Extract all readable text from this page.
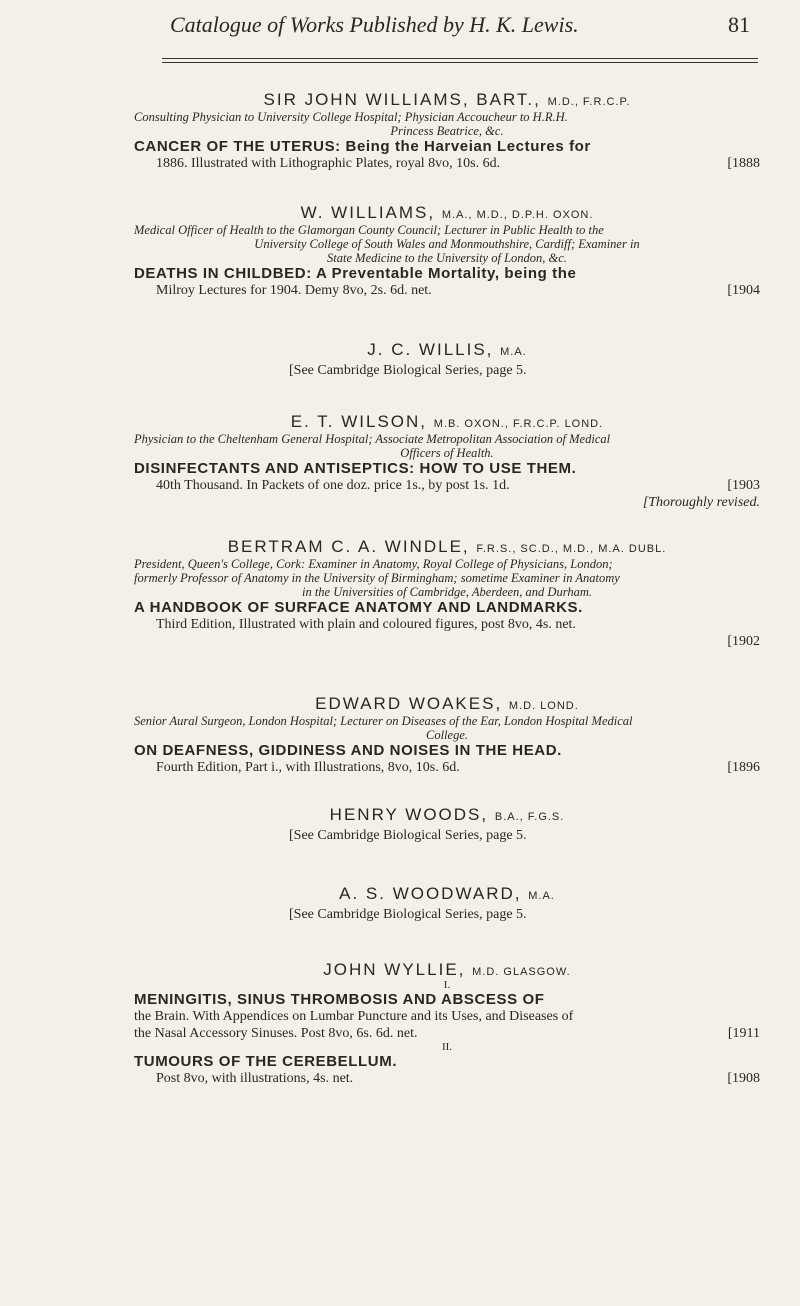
Catalogue of Works Published by H. K. Lewis.	81
SIR JOHN WILLIAMS, BART., M.D., F.R.C.P.
Consulting Physician to University College Hospital; Physician Accoucheur to H.R.H.
Princess Beatrice, &c.
CANCER OF THE UTERUS: Being the Harveian Lectures for
1886. Illustrated with Lithographic Plates, royal 8vo, 10s. 6d.	[1888
W. WILLIAMS, M.A., M.D., D.P.H. OXON.
Medical Officer of Health to the Glamorgan County Council; Lecturer in Public Health to the
University College of South Wales and Monmouthshire, Cardiff; Examiner in
State Medicine to the University of London, &c.
DEATHS IN CHILDBED: A Preventable Mortality, being the
Milroy Lectures for 1904. Demy 8vo, 2s. 6d. net.	[1904
J. C. WILLIS, M.A.
[See Cambridge Biological Series, page 5.
E. T. WILSON, M.B. OXON., F.R.C.P. LOND.
Physician to the Cheltenham General Hospital; Associate Metropolitan Association of Medical
Officers of Health.
DISINFECTANTS AND ANTISEPTICS: HOW TO USE THEM.
40th Thousand. In Packets of one doz. price 1s., by post 1s. 1d.	[1903
[Thoroughly revised.
BERTRAM C. A. WINDLE, F.R.S., SC.D., M.D., M.A. DUBL.
President, Queen's College, Cork: Examiner in Anatomy, Royal College of Physicians, London;
formerly Professor of Anatomy in the University of Birmingham; sometime Examiner in Anatomy
in the Universities of Cambridge, Aberdeen, and Durham.
A HANDBOOK OF SURFACE ANATOMY AND LANDMARKS.
Third Edition, Illustrated with plain and coloured figures, post 8vo, 4s. net.
[1902
EDWARD WOAKES, M.D. LOND.
Senior Aural Surgeon, London Hospital; Lecturer on Diseases of the Ear, London Hospital Medical
College.
ON DEAFNESS, GIDDINESS AND NOISES IN THE HEAD.
Fourth Edition, Part i., with Illustrations, 8vo, 10s. 6d.	[1896
HENRY WOODS, B.A., F.G.S.
[See Cambridge Biological Series, page 5.
A. S. WOODWARD, M.A.
[See Cambridge Biological Series, page 5.
JOHN WYLLIE, M.D. GLASGOW.
I.
MENINGITIS, SINUS THROMBOSIS AND ABSCESS OF
the Brain. With Appendices on Lumbar Puncture and its Uses, and Diseases of
the Nasal Accessory Sinuses. Post 8vo, 6s. 6d. net.	[1911
II.
TUMOURS OF THE CEREBELLUM.
Post 8vo, with illustrations, 4s. net.	[1908
